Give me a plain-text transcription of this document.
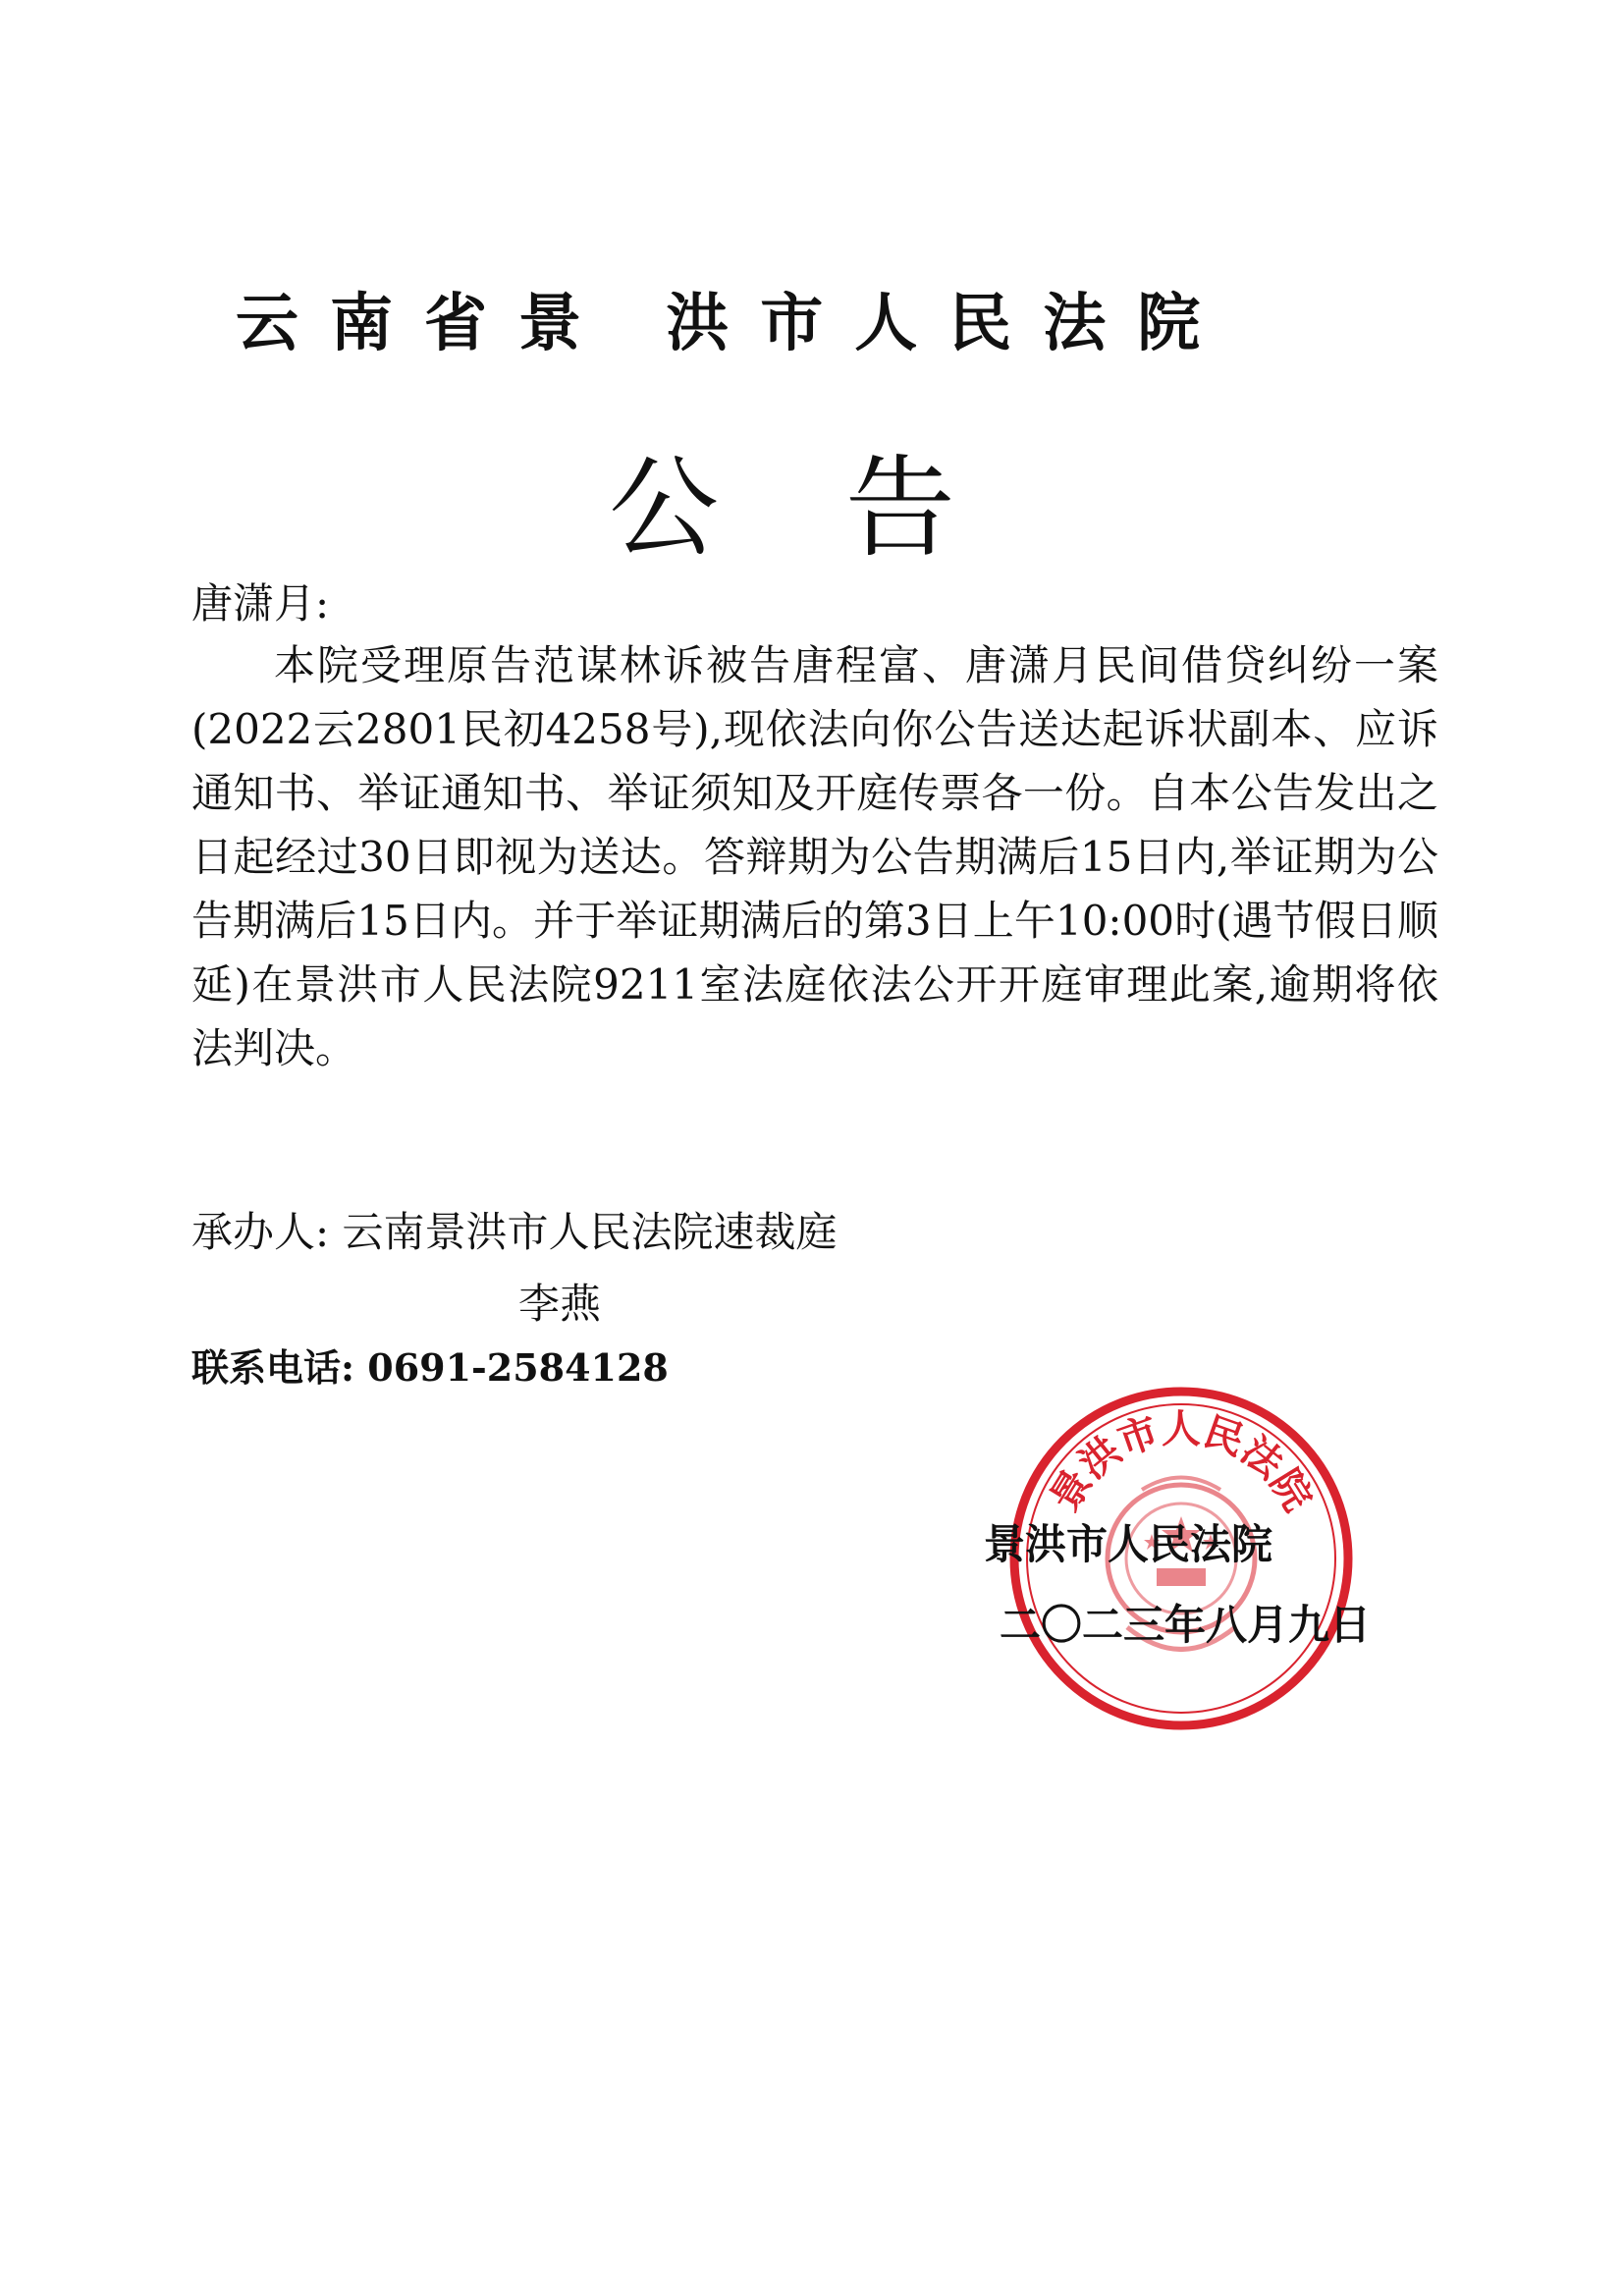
云南省景 洪市人民法院
公告
唐潇月:
本院受理原告范谋林诉被告唐程富、唐潇月民间借贷纠纷一案(2022云2801民初4258号),现依法向你公告送达起诉状副本、应诉通知书、举证通知书、举证须知及开庭传票各一份。自本公告发出之日起经过30日即视为送达。答辩期为公告期满后15日内,举证期为公告期满后15日内。并于举证期满后的第3日上午10:00时(遇节假日顺延)在景洪市人民法院9211室法庭依法公开开庭审理此案,逾期将依法判决。
承办人: 云南景洪市人民法院速裁庭
李燕
联系电话: 0691-2584128
景洪市人民法院
景洪市人民法院
二〇二三年八月九日
